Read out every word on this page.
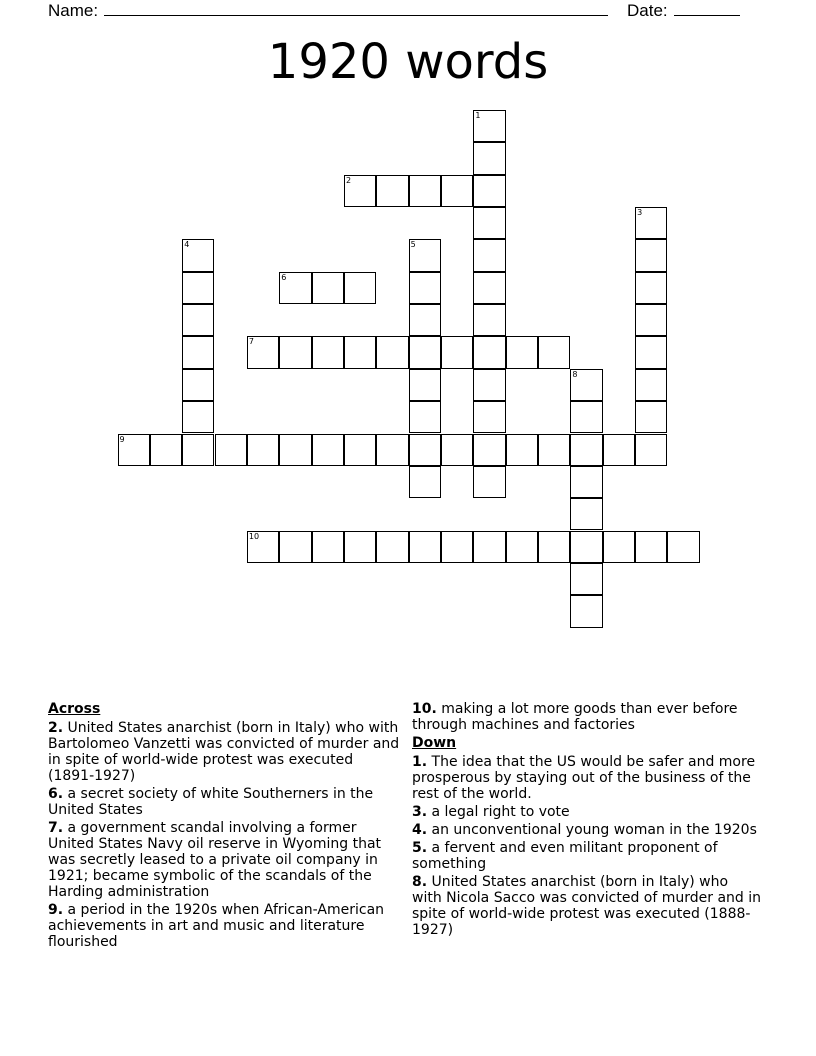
Name:	Date:
1920 words
1
2
3
4	5
6
7
8
9
10
Across
2. United States anarchist (born in Italy) who with Bartolomeo Vanzetti was convicted of murder and in spite of world-wide protest was executed (1891-1927)
6. a secret society of white Southerners in the United States
7. a government scandal involving a former United States Navy oil reserve in Wyoming that was secretly leased to a private oil company in 1921; became symbolic of the scandals of the Harding administration
9. a period in the 1920s when African-American achievements in art and music and literature flourished
10. making a lot more goods than ever before through machines and factories
Down
1. The idea that the US would be safer and more prosperous by staying out of the business of the rest of the world.
3. a legal right to vote
4. an unconventional young woman in the 1920s
5. a fervent and even militant proponent of something
8. United States anarchist (born in Italy) who with Nicola Sacco was convicted of murder and in spite of world-wide protest was executed (1888-1927)
